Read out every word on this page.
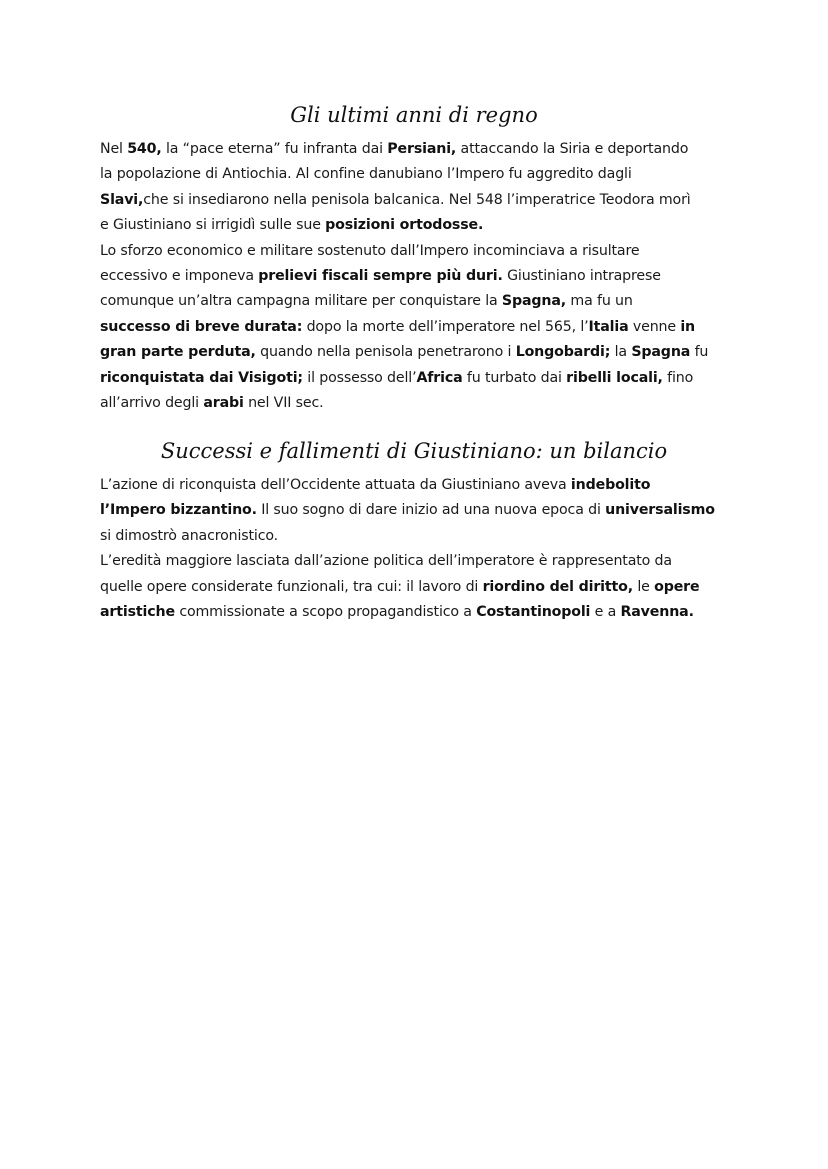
Gli ultimi anni di regno

Nel 540, la “pace eterna” fu infranta dai Persiani, attaccando la Siria e deportando

la popolazione di Antiochia. Al confine danubiano l’Impero fu aggredito dagli

Slavi,che si insediarono nella penisola balcanica. Nel 548 l’imperatrice Teodora morì

e Giustiniano si irrigidì sulle sue posizioni ortodosse.

Lo sforzo economico e militare sostenuto dall’Impero incominciava a risultare

eccessivo e imponeva prelievi fiscali sempre più duri. Giustiniano intraprese

comunque un’altra campagna militare per conquistare la Spagna, ma fu un

successo di breve durata: dopo la morte dell’imperatore nel 565, l’Italia venne in

gran parte perduta, quando nella penisola penetrarono i Longobardi; la Spagna fu

riconquistata dai Visigoti; il possesso dell’Africa fu turbato dai ribelli locali, fino

all’arrivo degli arabi nel VII sec.

Successi e fallimenti di Giustiniano: un bilancio

L’azione di riconquista dell’Occidente attuata da Giustiniano aveva indebolito

l’Impero bizzantino. Il suo sogno di dare inizio ad una nuova epoca di universalismo

si dimostrò anacronistico.

L’eredità maggiore lasciata dall’azione politica dell’imperatore è rappresentato da

quelle opere considerate funzionali, tra cui: il lavoro di riordino del diritto, le opere

artistiche commissionate a scopo propagandistico a Costantinopoli e a Ravenna.
